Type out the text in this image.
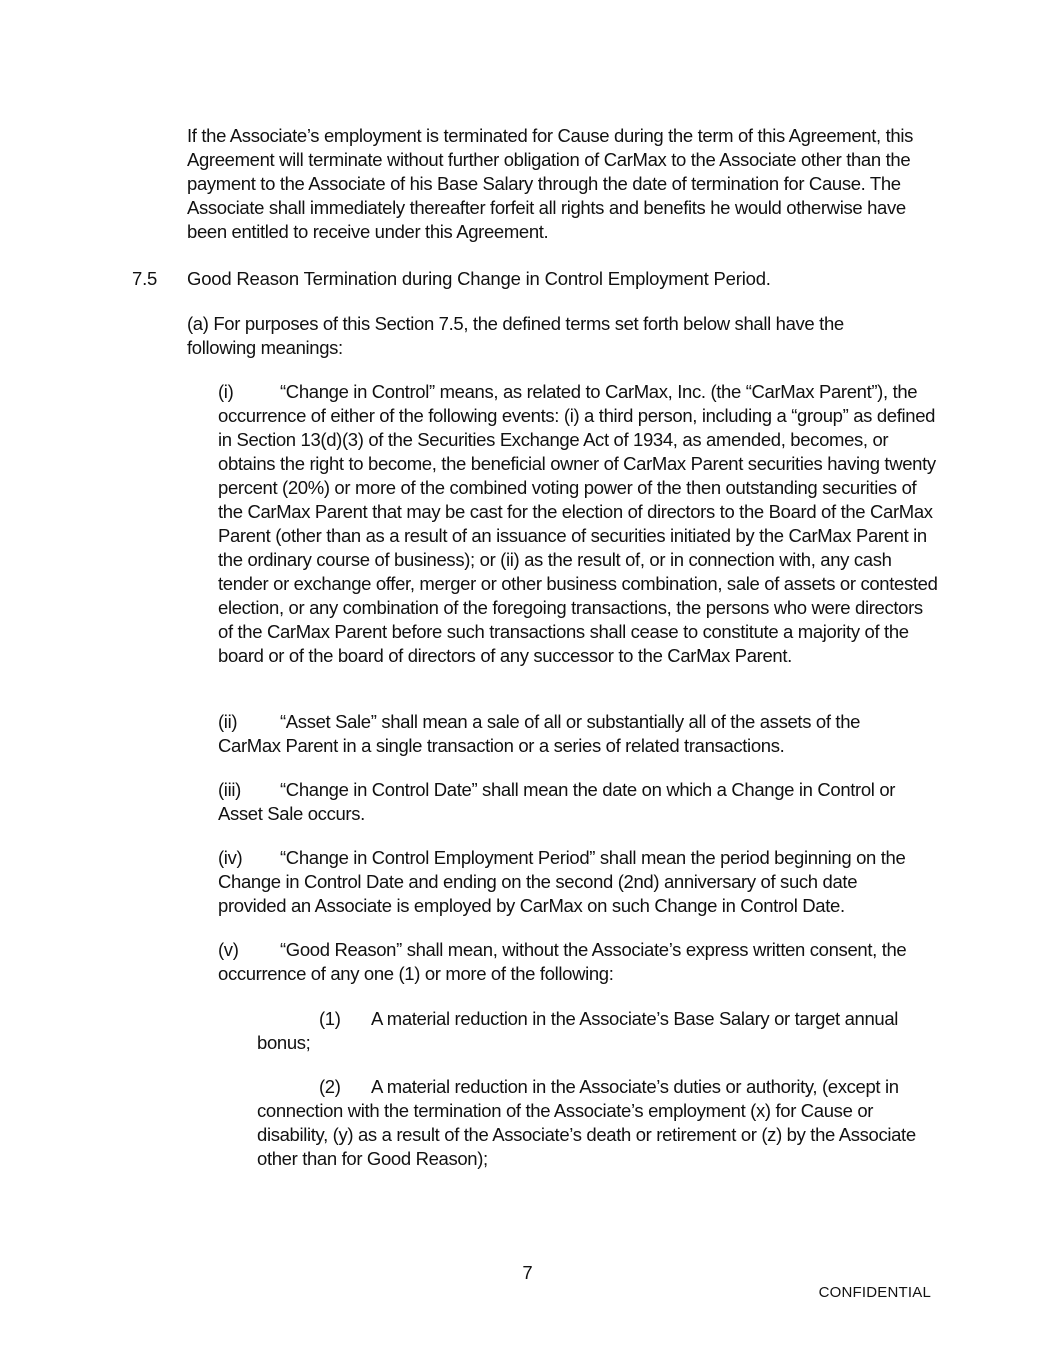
If the Associate’s employment is terminated for Cause during the term of this Agreement, this Agreement will terminate without further obligation of CarMax to the Associate other than the payment to the Associate of his Base Salary through the date of termination for Cause. The Associate shall immediately thereafter forfeit all rights and benefits he would otherwise have been entitled to receive under this Agreement.

7.5 Good Reason Termination during Change in Control Employment Period.

(a) For purposes of this Section 7.5, the defined terms set forth below shall have the following meanings:

(i)	“Change in Control” means, as related to CarMax, Inc. (the “CarMax Parent”), the occurrence of either of the following events: (i) a third person, including a “group” as defined in Section 13(d)(3) of the Securities Exchange Act of 1934, as amended, becomes, or obtains the right to become, the beneficial owner of CarMax Parent securities having twenty percent (20%) or more of the combined voting power of the then outstanding securities of the CarMax Parent that may be cast for the election of directors to the Board of the CarMax Parent (other than as a result of an issuance of securities initiated by the CarMax Parent in the ordinary course of business); or (ii) as the result of, or in connection with, any cash tender or exchange offer, merger or other business combination, sale of assets or contested election, or any combination of the foregoing transactions, the persons who were directors of the CarMax Parent before such transactions shall cease to constitute a majority of the board or of the board of directors of any successor to the CarMax Parent.

(ii) “Asset Sale” shall mean a sale of all or substantially all of the assets of the CarMax Parent in a single transaction or a series of related transactions.

(iii) “Change in Control Date” shall mean the date on which a Change in Control or Asset Sale occurs.

(iv) “Change in Control Employment Period” shall mean the period beginning on the Change in Control Date and ending on the second (2nd) anniversary of such date provided an Associate is employed by CarMax on such Change in Control Date.

(v) “Good Reason” shall mean, without the Associate’s express written consent, the occurrence of any one (1) or more of the following:

(1) A material reduction in the Associate’s Base Salary or target annual bonus;

(2) A material reduction in the Associate’s duties or authority, (except in connection with the termination of the Associate’s employment (x) for Cause or disability, (y) as a result of the Associate’s death or retirement or (z) by the Associate other than for Good Reason);

7
CONFIDENTIAL
